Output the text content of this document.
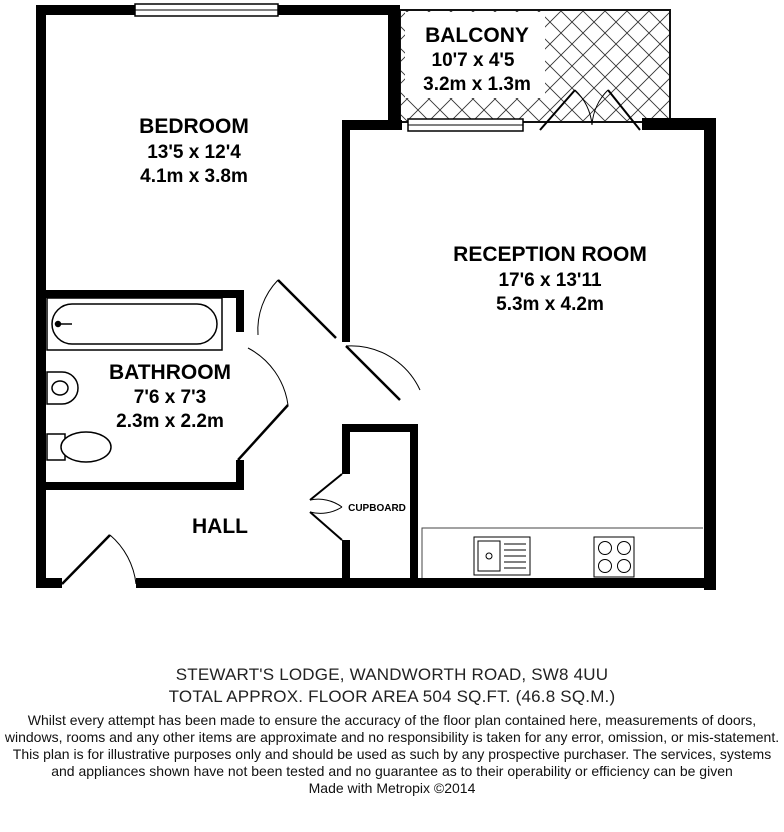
BEDROOM
13'5 x 12'4
4.1m x 3.8m
BALCONY
10'7 x 4'5
3.2m x 1.3m
RECEPTION ROOM
17'6 x 13'11
5.3m x 4.2m
BATHROOM
7'6 x 7'3
2.3m x 2.2m
HALL
CUPBOARD
STEWART'S LODGE, WANDWORTH ROAD, SW8 4UU
TOTAL APPROX. FLOOR AREA 504 SQ.FT. (46.8 SQ.M.)
Whilst every attempt has been made to ensure the accuracy of the floor plan contained here, measurements of doors, windows, rooms and any other items are approximate and no responsibility is taken for any error, omission, or mis-statement. This plan is for illustrative purposes only and should be used as such by any prospective purchaser. The services, systems and appliances shown have not been tested and no guarantee as to their operability or efficiency can be given
Made with Metropix ©2014
